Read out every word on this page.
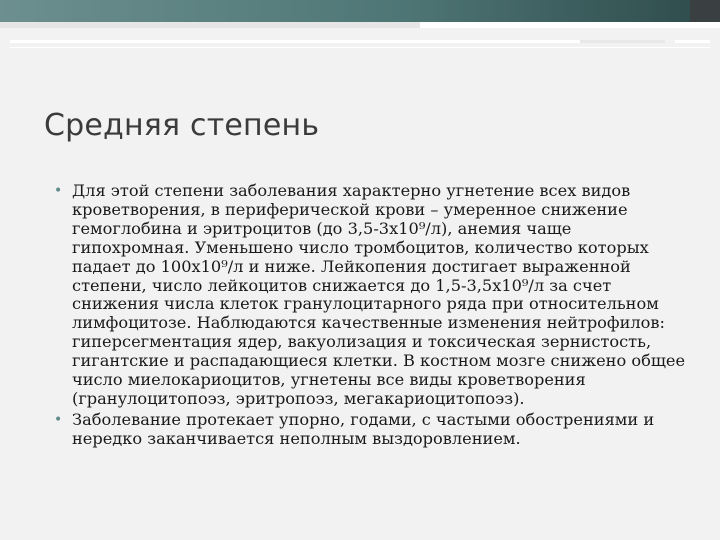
Средняя степень
• Для этой степени заболевания характерно угнетение всех видов кроветворения, в периферической крови – умеренное снижение гемоглобина и эритроцитов (до 3,5-3х10⁹/л), анемия чаще гипохромная. Уменьшено число тромбоцитов, количество которых падает до 100х10⁹/л и ниже. Лейкопения достигает выраженной степени, число лейкоцитов снижается до 1,5-3,5х10⁹/л за счет снижения числа клеток гранулоцитарного ряда при относительном лимфоцитозе. Наблюдаются качественные изменения нейтрофилов: гиперсегментация ядер, вакуолизация и токсическая зернистость, гигантские и распадающиеся клетки. В костном мозге снижено общее число миелокариоцитов, угнетены все виды кроветворения (гранулоцитопоэз, эритропоэз, мегакариоцитопоэз).
• Заболевание протекает упорно, годами, с частыми обострениями и нередко заканчивается неполным выздоровлением.
